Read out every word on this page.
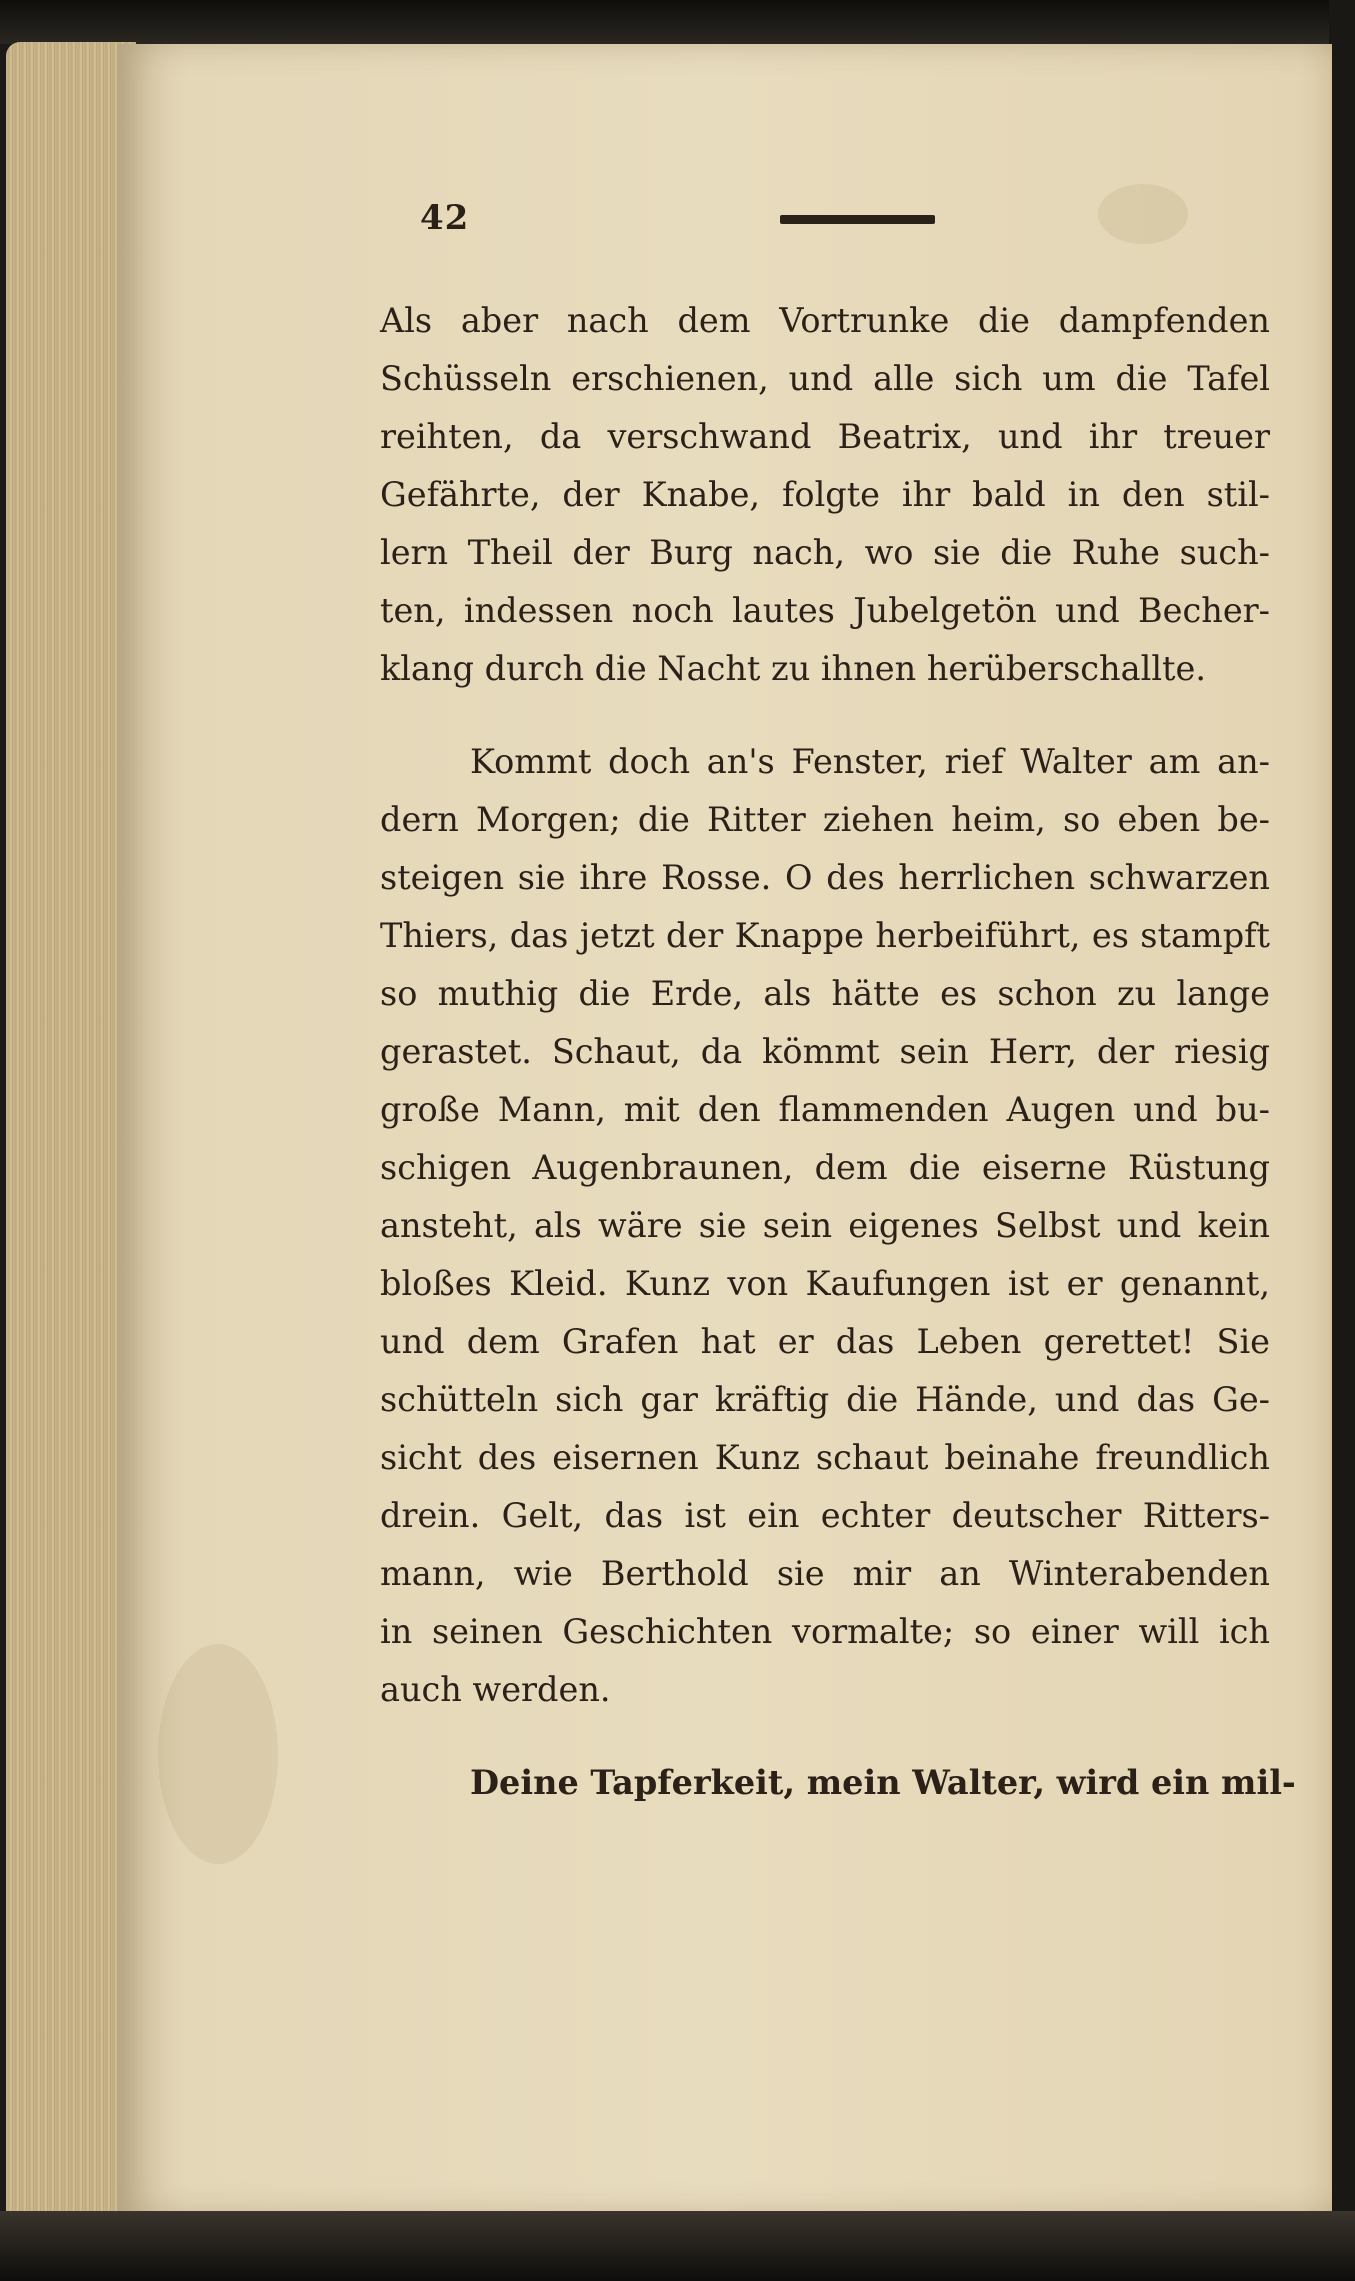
42
Als aber nach dem Vortrunke die dampfenden
Schüsseln erschienen, und alle sich um die Tafel
reihten, da verschwand Beatrix, und ihr treuer
Gefährte, der Knabe, folgte ihr bald in den stil-
lern Theil der Burg nach, wo sie die Ruhe such-
ten, indessen noch lautes Jubelgetön und Becher-
klang durch die Nacht zu ihnen herüberschallte.
Kommt doch an's Fenster, rief Walter am an-
dern Morgen; die Ritter ziehen heim, so eben be-
steigen sie ihre Rosse. O des herrlichen schwarzen
Thiers, das jetzt der Knappe herbeiführt, es stampft
so muthig die Erde, als hätte es schon zu lange
gerastet. Schaut, da kömmt sein Herr, der riesig
große Mann, mit den flammenden Augen und bu-
schigen Augenbraunen, dem die eiserne Rüstung
ansteht, als wäre sie sein eigenes Selbst und kein
bloßes Kleid. Kunz von Kaufungen ist er genannt,
und dem Grafen hat er das Leben gerettet! Sie
schütteln sich gar kräftig die Hände, und das Ge-
sicht des eisernen Kunz schaut beinahe freundlich
drein. Gelt, das ist ein echter deutscher Ritters-
mann, wie Berthold sie mir an Winterabenden
in seinen Geschichten vormalte; so einer will ich
auch werden.
Deine Tapferkeit, mein Walter, wird ein mil-
